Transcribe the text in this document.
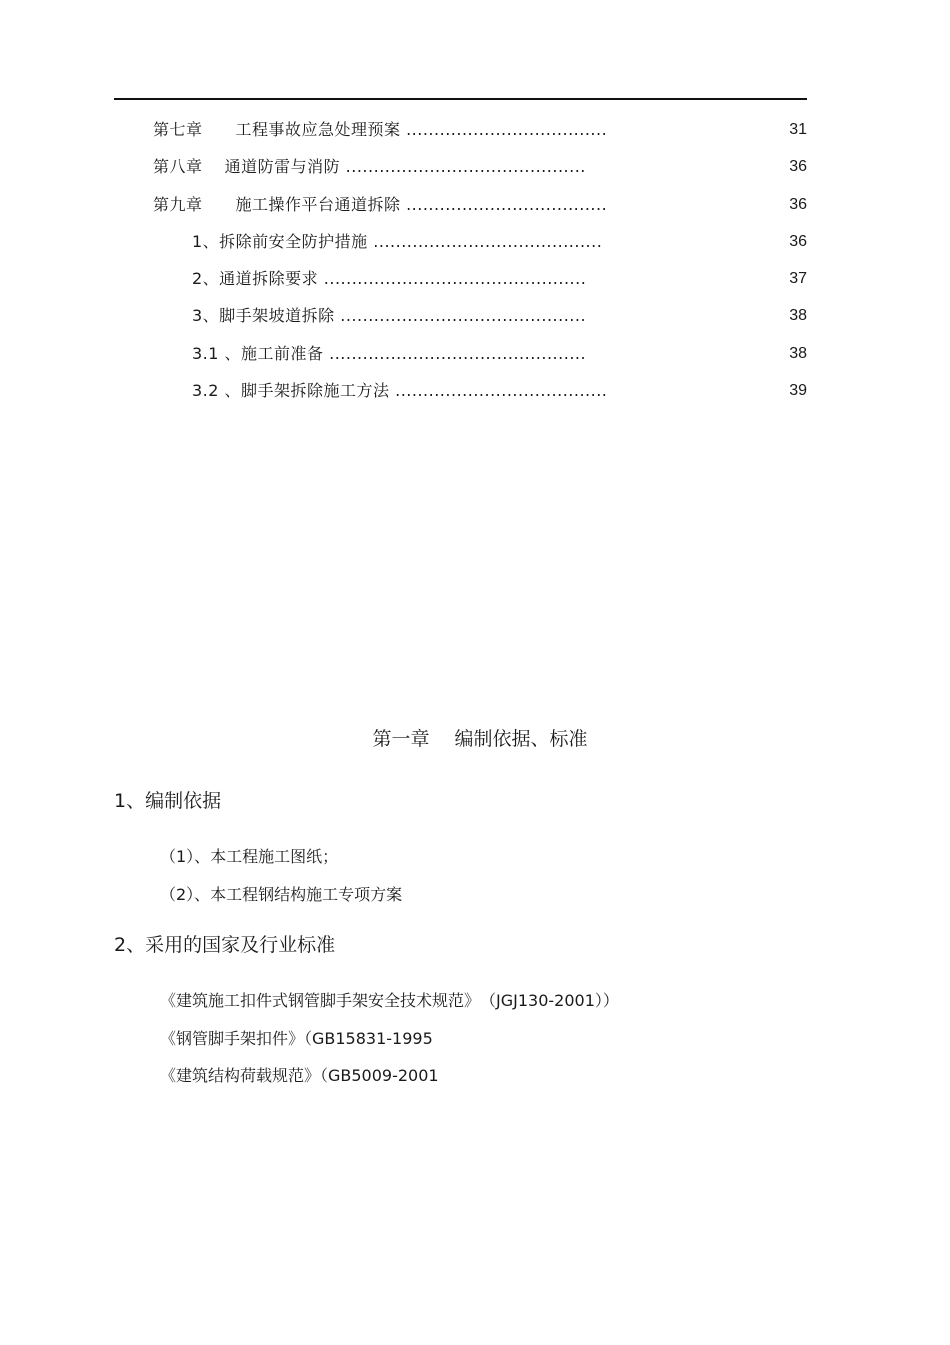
第七章　　工程事故应急处理预案 ....................................	31
第八章　 通道防雷与消防 ...........................................	36
第九章　　施工操作平台通道拆除 ....................................	36
1、拆除前安全防护措施 .........................................	36
2、通道拆除要求 ...............................................	37
3、脚手架坡道拆除 ............................................	38
3.1 、施工前准备 ..............................................	38
3.2 、脚手架拆除施工方法 ......................................	39
第一章　 编制依据、标准
1、编制依据
（1）、本工程施工图纸；
（2）、本工程钢结构施工专项方案
2、采用的国家及行业标准
《建筑施工扣件式钢管脚手架安全技术规范》　（JGJ130-2001））
《钢管脚手架扣件》（GB15831-1995
《建筑结构荷载规范》（GB5009-2001
